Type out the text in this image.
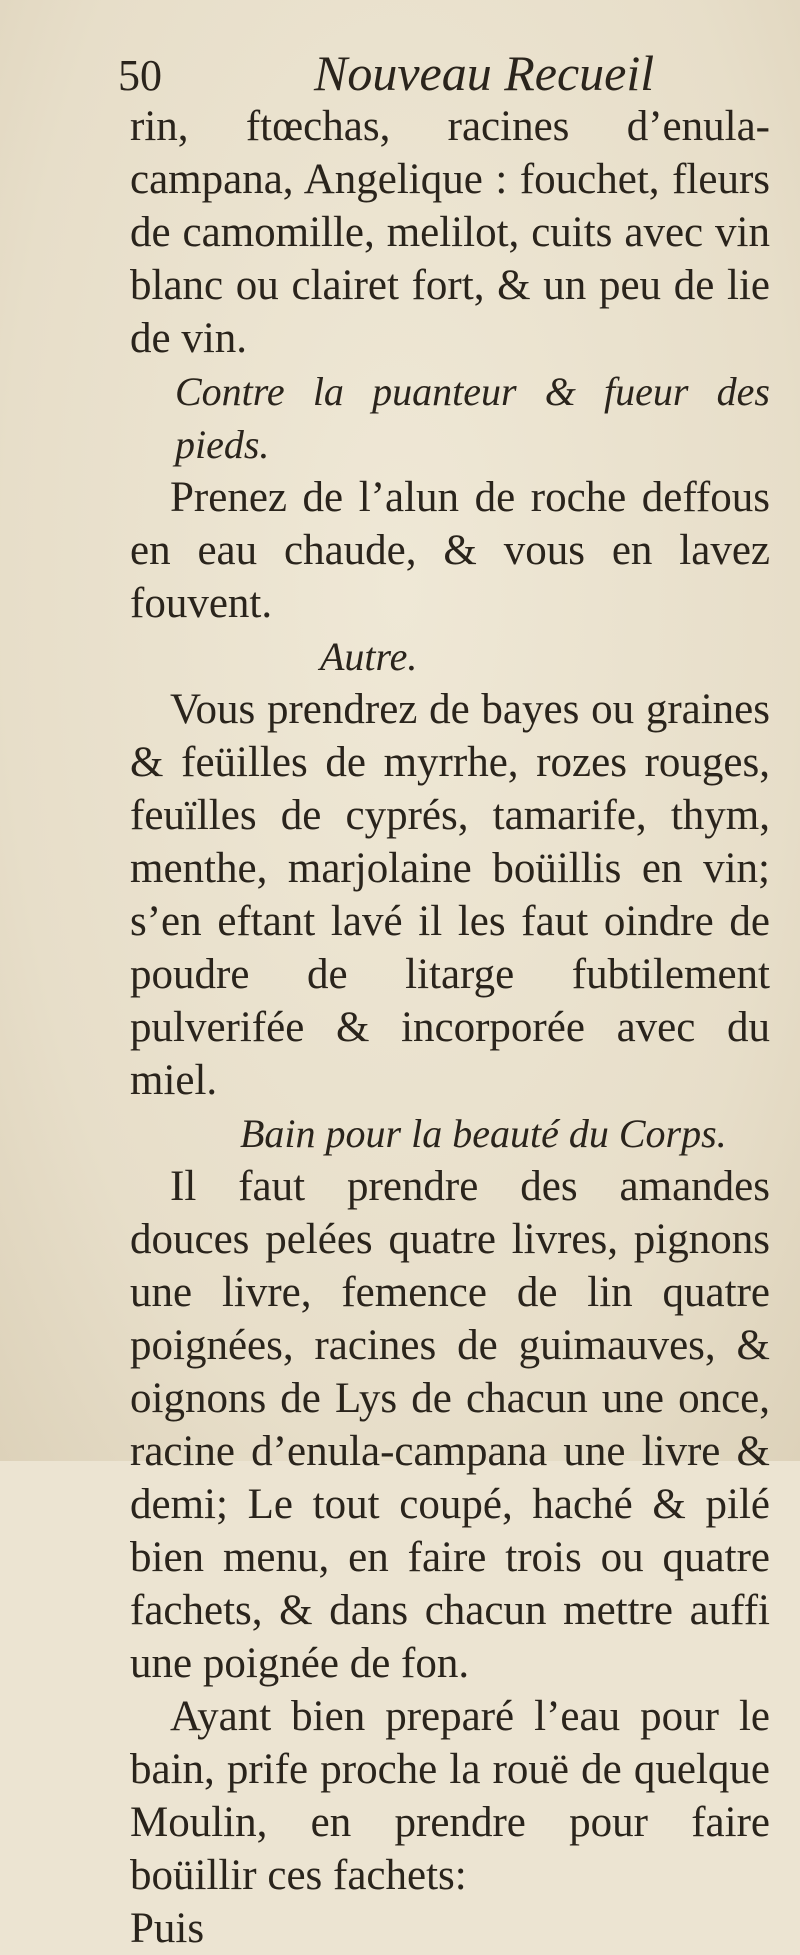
50	Nouveau Recueil

rin, ftœchas, racines d’enula-campana, Angelique : fouchet, fleurs de camomille, melilot, cuits avec vin blanc ou clairet fort, & un peu de lie de vin.

Contre la puanteur & fueur des pieds.

Prenez de l’alun de roche deffous en eau chaude, & vous en lavez fouvent.

Autre.

Vous prendrez de bayes ou graines & feüilles de myrrhe, rozes rouges, feuïlles de cyprés, tamarife, thym, menthe, marjolaine boüillis en vin; s’en eftant lavé il les faut oindre de poudre de litarge fubtilement pulverifée & incorporée avec du miel.

Bain pour la beauté du Corps.

Il faut prendre des amandes douces pelées quatre livres, pignons une livre, femence de lin quatre poignées, racines de guimauves, & oignons de Lys de chacun une once, racine d’enula-campana une livre & demi; Le tout coupé, haché & pilé bien menu, en faire trois ou quatre fachets, & dans chacun mettre auffi une poignée de fon.

Ayant bien preparé l’eau pour le bain, prife proche la rouë de quelque Moulin, en prendre pour faire boüillir ces fachets:

Puis
